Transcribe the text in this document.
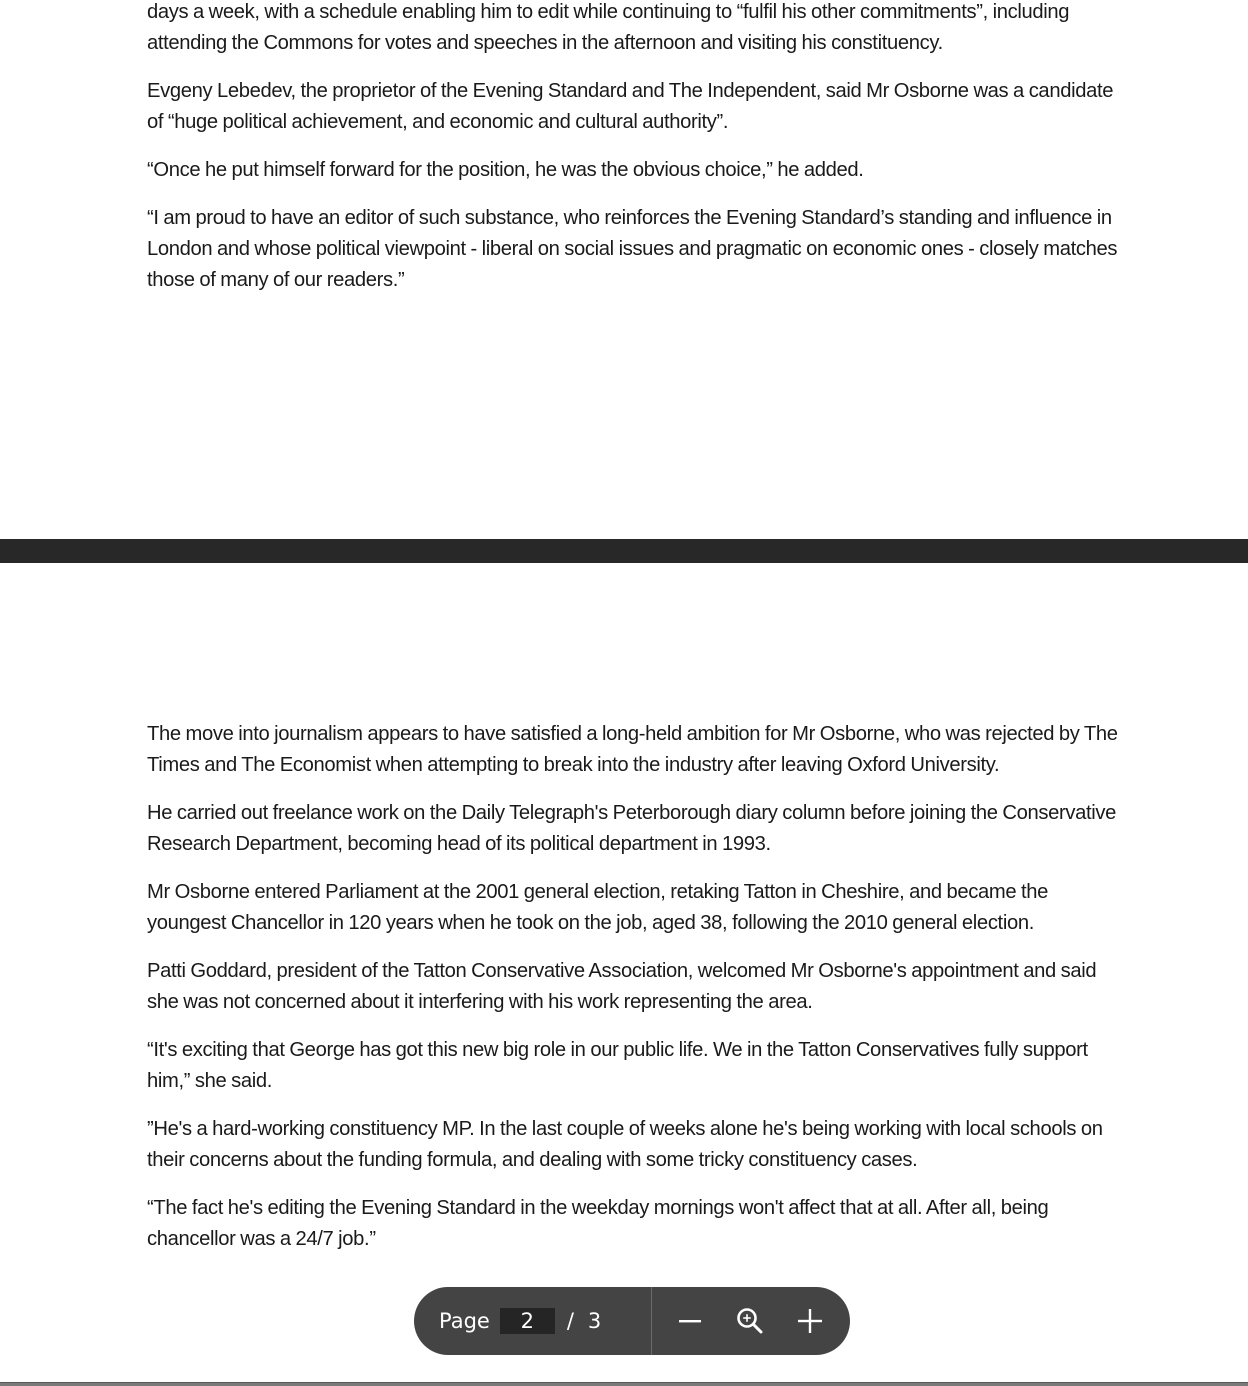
days a week, with a schedule enabling him to edit while continuing to “fulfil his other commitments”, including attending the Commons for votes and speeches in the afternoon and visiting his constituency.

Evgeny Lebedev, the proprietor of the Evening Standard and The Independent, said Mr Osborne was a candidate of “huge political achievement, and economic and cultural authority”.

“Once he put himself forward for the position, he was the obvious choice,” he added.

“I am proud to have an editor of such substance, who reinforces the Evening Standard’s standing and influence in London and whose political viewpoint - liberal on social issues and pragmatic on economic ones - closely matches those of many of our readers.”

The move into journalism appears to have satisfied a long-held ambition for Mr Osborne, who was rejected by The Times and The Economist when attempting to break into the industry after leaving Oxford University.

He carried out freelance work on the Daily Telegraph's Peterborough diary column before joining the Conservative Research Department, becoming head of its political department in 1993.

Mr Osborne entered Parliament at the 2001 general election, retaking Tatton in Cheshire, and became the youngest Chancellor in 120 years when he took on the job, aged 38, following the 2010 general election.

Patti Goddard, president of the Tatton Conservative Association, welcomed Mr Osborne's appointment and said she was not concerned about it interfering with his work representing the area.

“It's exciting that George has got this new big role in our public life. We in the Tatton Conservatives fully support him,” she said.

”He's a hard-working constituency MP. In the last couple of weeks alone he's being working with local schools on their concerns about the funding formula, and dealing with some tricky constituency cases.

“The fact he's editing the Evening Standard in the weekday mornings won't affect that at all. After all, being chancellor was a 24/7 job.”

Page
2	/ 3
